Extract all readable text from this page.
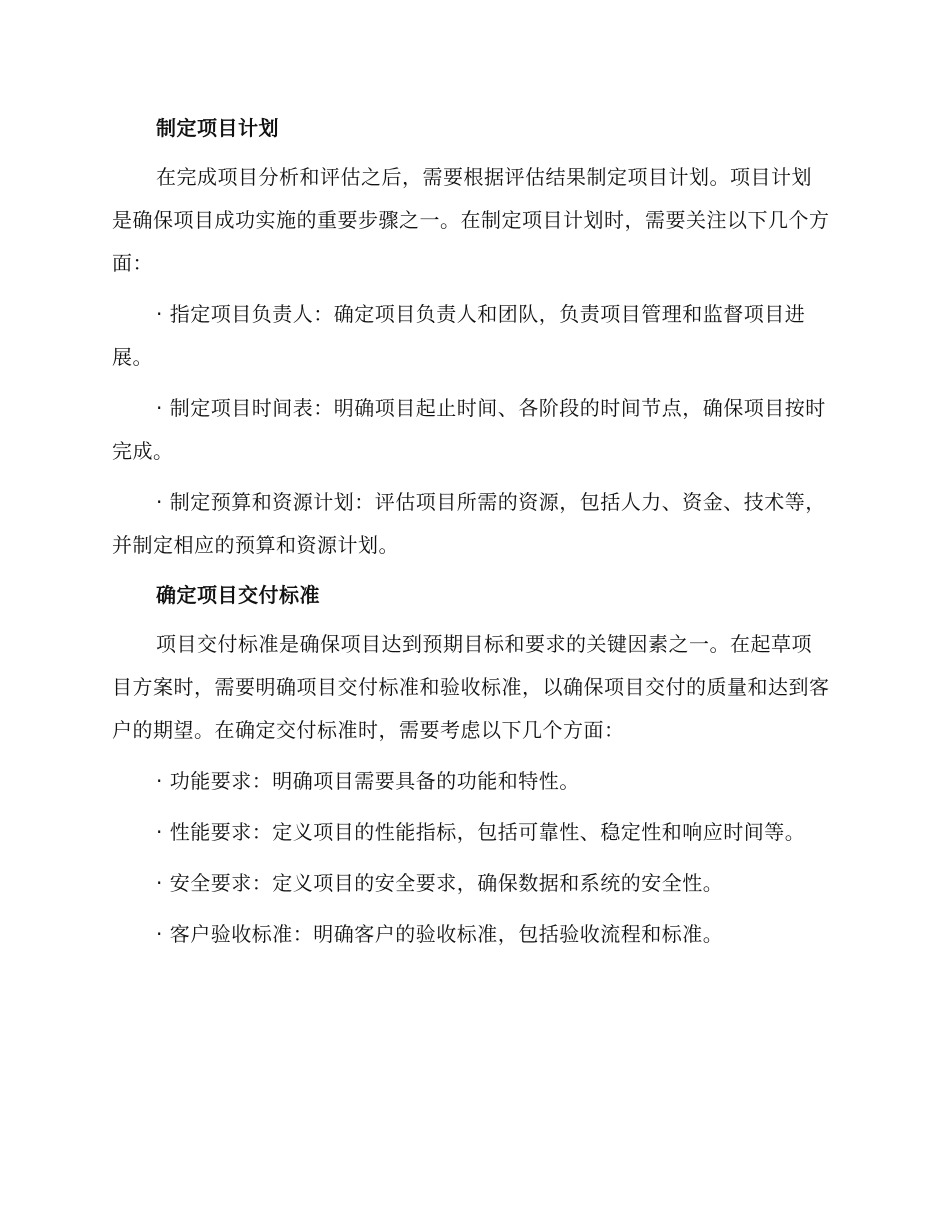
制定项目计划

在完成项目分析和评估之后，需要根据评估结果制定项目计划。项目计划是确保项目成功实施的重要步骤之一。在制定项目计划时，需要关注以下几个方面：

· 指定项目负责人：确定项目负责人和团队，负责项目管理和监督项目进展。

· 制定项目时间表：明确项目起止时间、各阶段的时间节点，确保项目按时完成。

· 制定预算和资源计划：评估项目所需的资源，包括人力、资金、技术等，并制定相应的预算和资源计划。

确定项目交付标准

项目交付标准是确保项目达到预期目标和要求的关键因素之一。在起草项目方案时，需要明确项目交付标准和验收标准，以确保项目交付的质量和达到客户的期望。在确定交付标准时，需要考虑以下几个方面：

· 功能要求：明确项目需要具备的功能和特性。

· 性能要求：定义项目的性能指标，包括可靠性、稳定性和响应时间等。

· 安全要求：定义项目的安全要求，确保数据和系统的安全性。

· 客户验收标准：明确客户的验收标准，包括验收流程和标准。
